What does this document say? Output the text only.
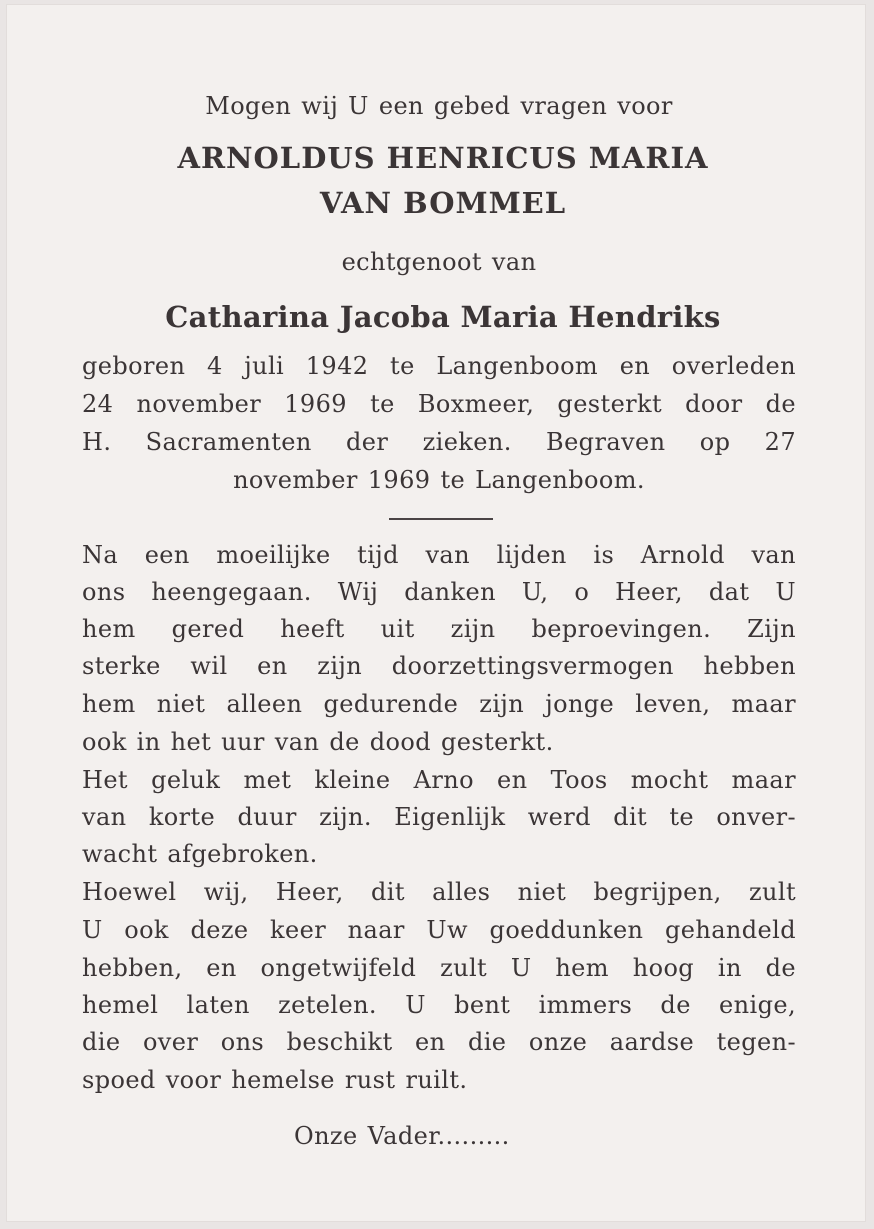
Mogen wij U een gebed vragen voor
ARNOLDUS HENRICUS MARIA
VAN BOMMEL
echtgenoot van
Catharina Jacoba Maria Hendriks
geboren 4 juli 1942 te Langenboom en overleden
24 november 1969 te Boxmeer, gesterkt door de
H. Sacramenten der zieken. Begraven op 27
november 1969 te Langenboom.
Na een moeilijke tijd van lijden is Arnold van
ons heengegaan. Wij danken U, o Heer, dat U
hem gered heeft uit zijn beproevingen. Zijn
sterke wil en zijn doorzettingsvermogen hebben
hem niet alleen gedurende zijn jonge leven, maar
ook in het uur van de dood gesterkt.
Het geluk met kleine Arno en Toos mocht maar
van korte duur zijn. Eigenlijk werd dit te onver-
wacht afgebroken.
Hoewel wij, Heer, dit alles niet begrijpen, zult
U ook deze keer naar Uw goeddunken gehandeld
hebben, en ongetwijfeld zult U hem hoog in de
hemel laten zetelen. U bent immers de enige,
die over ons beschikt en die onze aardse tegen-
spoed voor hemelse rust ruilt.
Onze Vader.........
